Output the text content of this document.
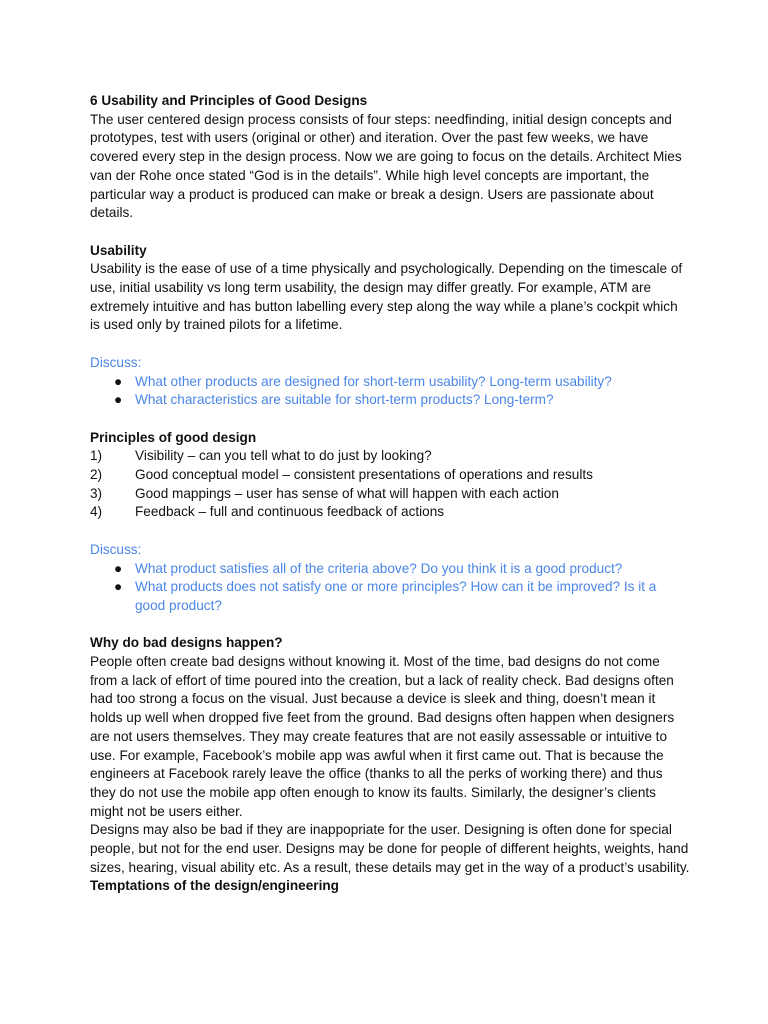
6 Usability and Principles of Good Designs

The user centered design process consists of four steps: needfinding, initial design concepts and prototypes, test with users (original or other) and iteration. Over the past few weeks, we have covered every step in the design process. Now we are going to focus on the details. Architect Mies van der Rohe once stated “God is in the details”. While high level concepts are important, the particular way a product is produced can make or break a design. Users are passionate about details.

Usability

Usability is the ease of use of a time physically and psychologically. Depending on the timescale of use, initial usability vs long term usability, the design may differ greatly. For example, ATM are extremely intuitive and has button labelling every step along the way while a plane’s cockpit which is used only by trained pilots for a lifetime.

Discuss:

● What other products are designed for short-term usability? Long-term usability?
● What characteristics are suitable for short-term products? Long-term?

Principles of good design

1) Visibility – can you tell what to do just by looking?
2) Good conceptual model – consistent presentations of operations and results
3) Good mappings – user has sense of what will happen with each action
4) Feedback – full and continuous feedback of actions

Discuss:

● What product satisfies all of the criteria above? Do you think it is a good product?
● What products does not satisfy one or more principles? How can it be improved? Is it a good product?

Why do bad designs happen?

People often create bad designs without knowing it. Most of the time, bad designs do not come from a lack of effort of time poured into the creation, but a lack of reality check. Bad designs often had too strong a focus on the visual. Just because a device is sleek and thing, doesn’t mean it holds up well when dropped five feet from the ground. Bad designs often happen when designers are not users themselves. They may create features that are not easily assessable or intuitive to use. For example, Facebook’s mobile app was awful when it first came out. That is because the engineers at Facebook rarely leave the office (thanks to all the perks of working there) and thus they do not use the mobile app often enough to know its faults. Similarly, the designer’s clients might not be users either.

Designs may also be bad if they are inappopriate for the user. Designing is often done for special people, but not for the end user. Designs may be done for people of different heights, weights, hand sizes, hearing, visual ability etc. As a result, these details may get in the way of a product’s usability.

Temptations of the design/engineering
